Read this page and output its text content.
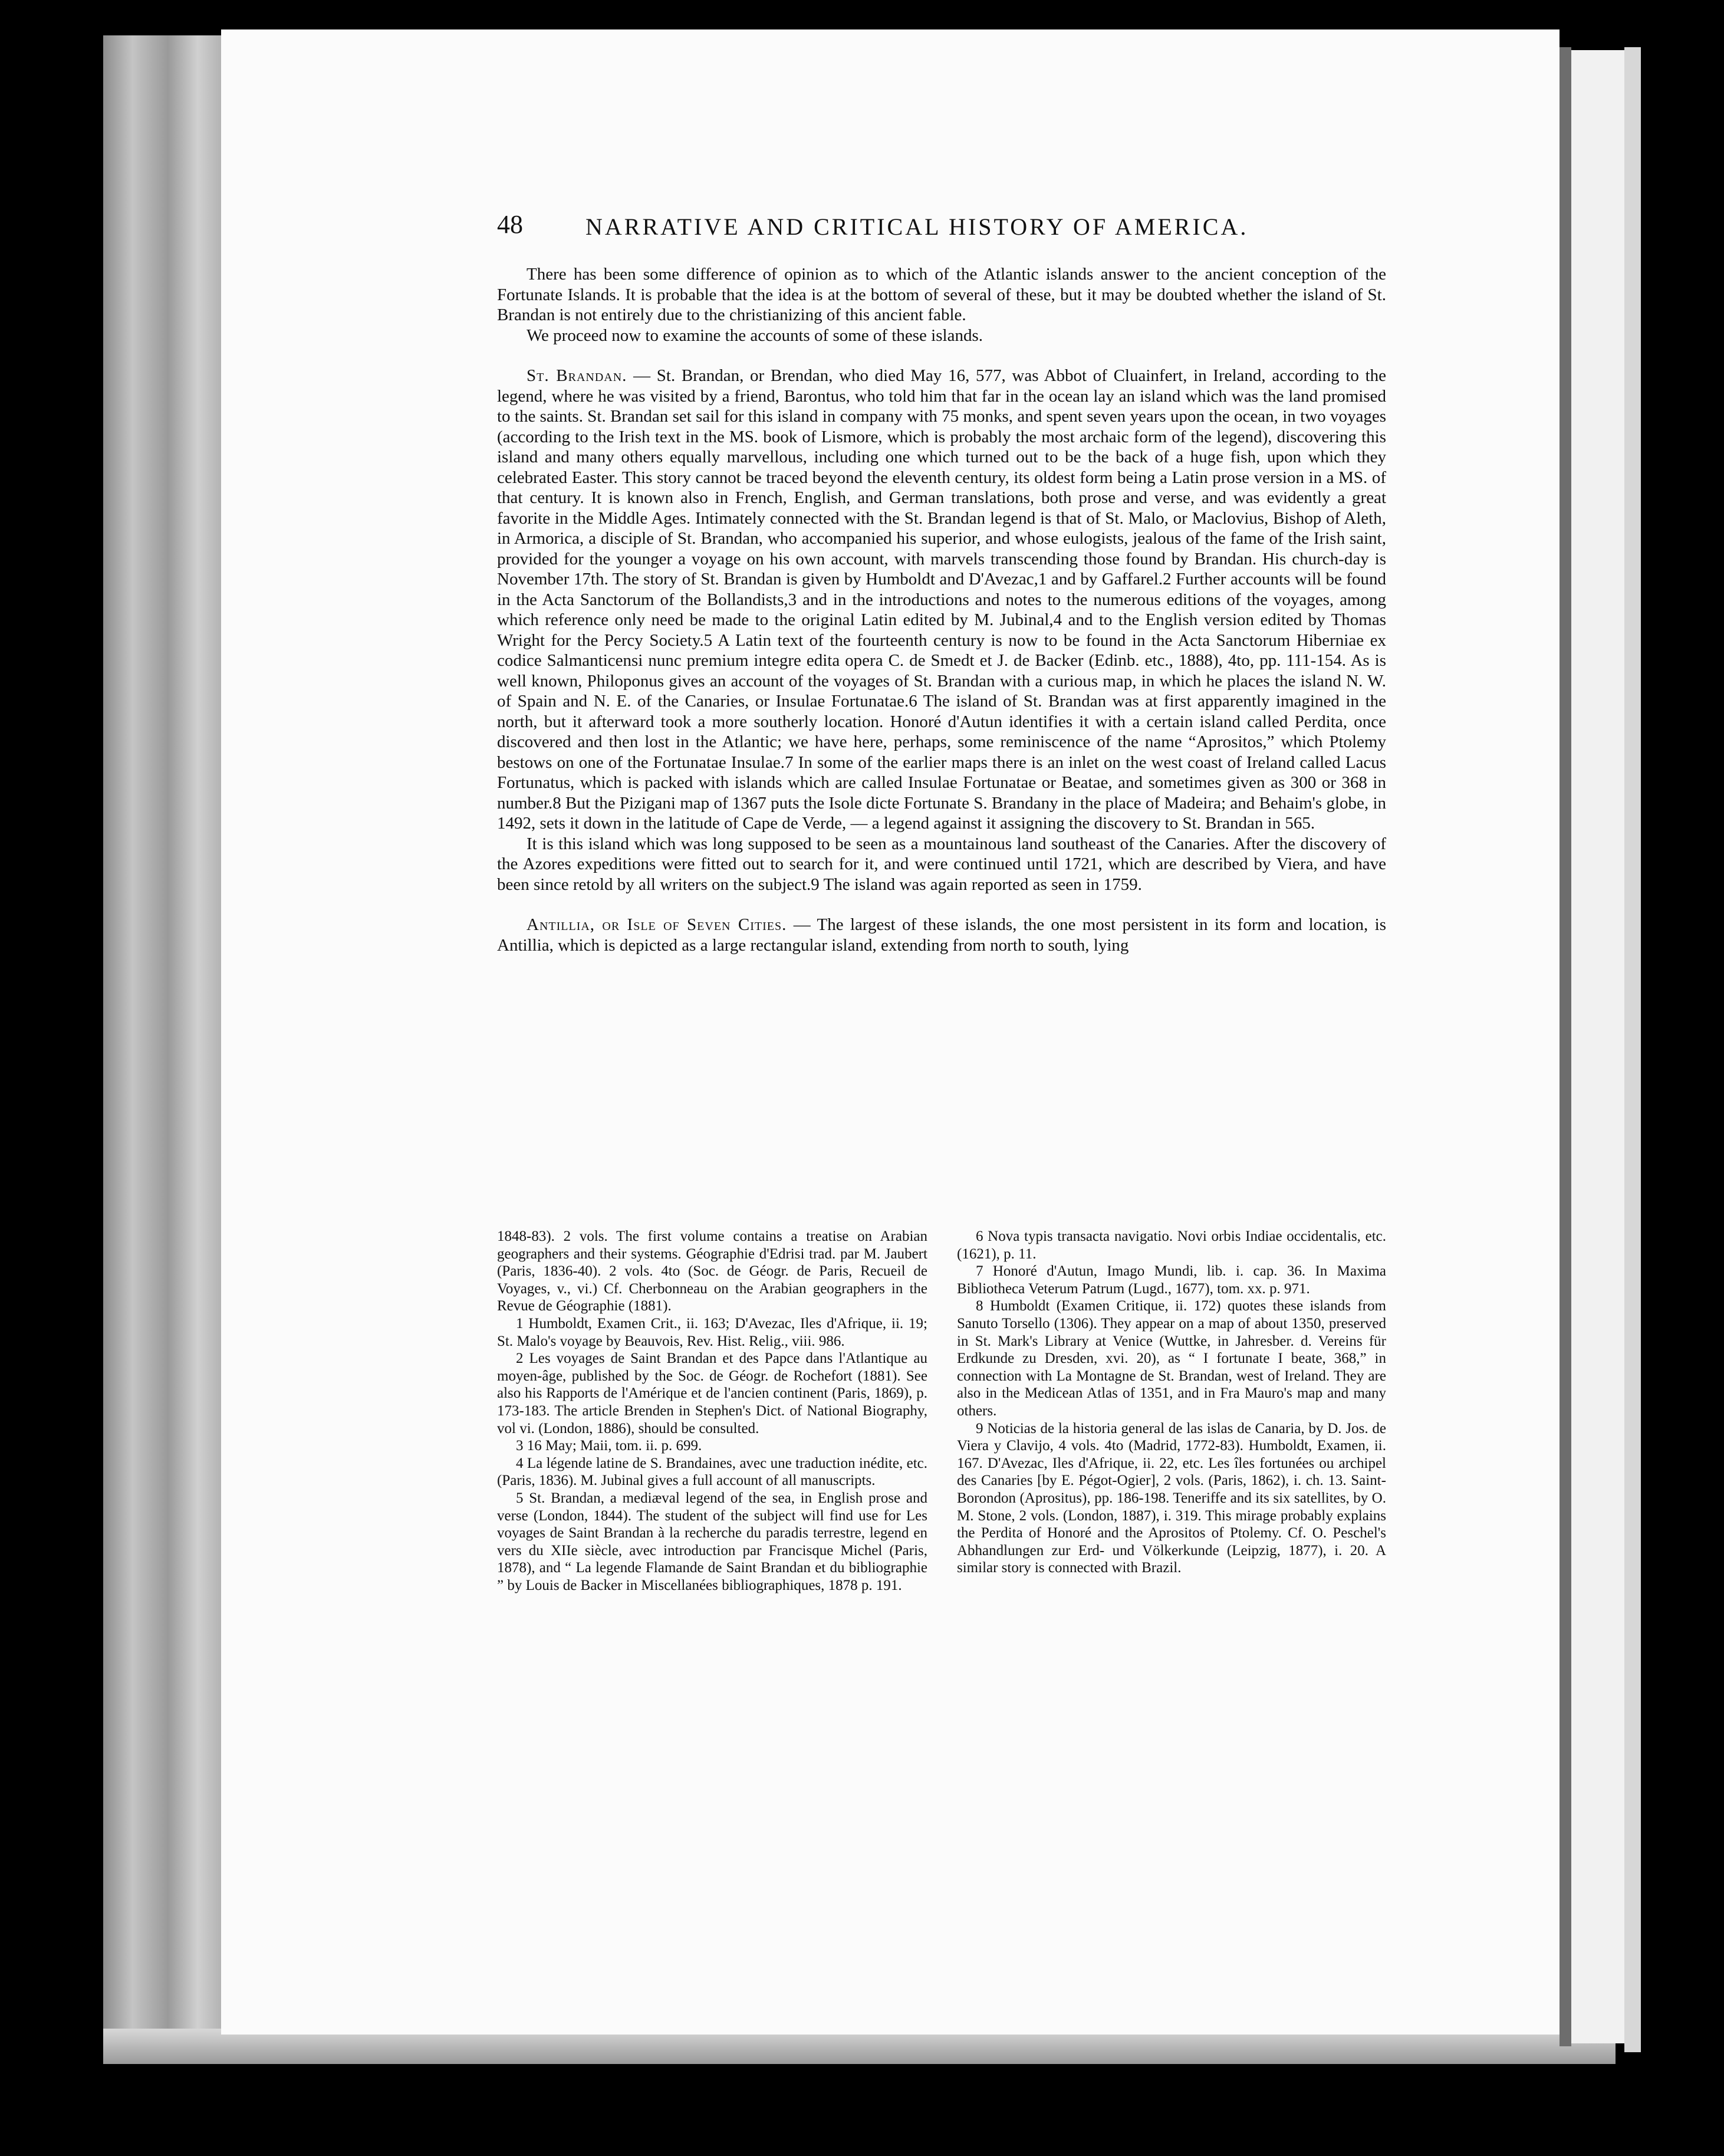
48	NARRATIVE AND CRITICAL HISTORY OF AMERICA.

There has been some difference of opinion as to which of the Atlantic islands answer to the ancient conception of the Fortunate Islands. It is probable that the idea is at the bottom of several of these, but it may be doubted whether the island of St. Brandan is not entirely due to the christianizing of this ancient fable.

We proceed now to examine the accounts of some of these islands.

St. Brandan. — St. Brandan, or Brendan, who died May 16, 577, was Abbot of Cluainfert, in Ireland, according to the legend, where he was visited by a friend, Barontus, who told him that far in the ocean lay an island which was the land promised to the saints. St. Brandan set sail for this island in company with 75 monks, and spent seven years upon the ocean, in two voyages (according to the Irish text in the MS. book of Lismore, which is probably the most archaic form of the legend), discovering this island and many others equally marvellous, including one which turned out to be the back of a huge fish, upon which they celebrated Easter. This story cannot be traced beyond the eleventh century, its oldest form being a Latin prose version in a MS. of that century. It is known also in French, English, and German translations, both prose and verse, and was evidently a great favorite in the Middle Ages. Intimately connected with the St. Brandan legend is that of St. Malo, or Maclovius, Bishop of Aleth, in Armorica, a disciple of St. Brandan, who accompanied his superior, and whose eulogists, jealous of the fame of the Irish saint, provided for the younger a voyage on his own account, with marvels transcending those found by Brandan. His church-day is November 17th. The story of St. Brandan is given by Humboldt and D'Avezac,1 and by Gaffarel.2 Further accounts will be found in the Acta Sanctorum of the Bollandists,3 and in the introductions and notes to the numerous editions of the voyages, among which reference only need be made to the original Latin edited by M. Jubinal,4 and to the English version edited by Thomas Wright for the Percy Society.5 A Latin text of the fourteenth century is now to be found in the Acta Sanctorum Hiberniae ex codice Salmanticensi nunc premium integre edita opera C. de Smedt et J. de Backer (Edinb. etc., 1888), 4to, pp. 111-154. As is well known, Philoponus gives an account of the voyages of St. Brandan with a curious map, in which he places the island N. W. of Spain and N. E. of the Canaries, or Insulae Fortunatae.6 The island of St. Brandan was at first apparently imagined in the north, but it afterward took a more southerly location. Honoré d'Autun identifies it with a certain island called Perdita, once discovered and then lost in the Atlantic; we have here, perhaps, some reminiscence of the name “Aprositos,” which Ptolemy bestows on one of the Fortunatae Insulae.7 In some of the earlier maps there is an inlet on the west coast of Ireland called Lacus Fortunatus, which is packed with islands which are called Insulae Fortunatae or Beatae, and sometimes given as 300 or 368 in number.8 But the Pizigani map of 1367 puts the Isole dicte Fortunate S. Brandany in the place of Madeira; and Behaim's globe, in 1492, sets it down in the latitude of Cape de Verde, — a legend against it assigning the discovery to St. Brandan in 565.

It is this island which was long supposed to be seen as a mountainous land southeast of the Canaries. After the discovery of the Azores expeditions were fitted out to search for it, and were continued until 1721, which are described by Viera, and have been since retold by all writers on the subject.9 The island was again reported as seen in 1759.

Antillia, or Isle of Seven Cities. — The largest of these islands, the one most persistent in its form and location, is Antillia, which is depicted as a large rectangular island, extending from north to south, lying

1848-83). 2 vols. The first volume contains a treatise on Arabian geographers and their systems. Géographie d'Edrisi trad. par M. Jaubert (Paris, 1836-40). 2 vols. 4to (Soc. de Géogr. de Paris, Recueil de Voyages, v., vi.) Cf. Cherbonneau on the Arabian geographers in the Revue de Géographie (1881).

1 Humboldt, Examen Crit., ii. 163; D'Avezac, Iles d'Afrique, ii. 19; St. Malo's voyage by Beauvois, Rev. Hist. Relig., viii. 986.

2 Les voyages de Saint Brandan et des Papce dans l'Atlantique au moyen-âge, published by the Soc. de Géogr. de Rochefort (1881). See also his Rapports de l'Amérique et de l'ancien continent (Paris, 1869), p. 173-183. The article Brenden in Stephen's Dict. of National Biography, vol vi. (London, 1886), should be consulted.

3 16 May; Maii, tom. ii. p. 699.

4 La légende latine de S. Brandaines, avec une traduction inédite, etc. (Paris, 1836). M. Jubinal gives a full account of all manuscripts.

5 St. Brandan, a mediæval legend of the sea, in English prose and verse (London, 1844). The student of the subject will find use for Les voyages de Saint Brandan à la recherche du paradis terrestre, legend en vers du XIIe siècle, avec introduction par Francisque Michel (Paris, 1878), and “ La legende Flamande de Saint Brandan et du bibliographie ” by Louis de Backer in Miscellanées bibliographiques, 1878 p. 191.

6 Nova typis transacta navigatio. Novi orbis Indiae occidentalis, etc. (1621), p. 11.

7 Honoré d'Autun, Imago Mundi, lib. i. cap. 36. In Maxima Bibliotheca Veterum Patrum (Lugd., 1677), tom. xx. p. 971.

8 Humboldt (Examen Critique, ii. 172) quotes these islands from Sanuto Torsello (1306). They appear on a map of about 1350, preserved in St. Mark's Library at Venice (Wuttke, in Jahresber. d. Vereins für Erdkunde zu Dresden, xvi. 20), as “ I fortunate I beate, 368,” in connection with La Montagne de St. Brandan, west of Ireland. They are also in the Medicean Atlas of 1351, and in Fra Mauro's map and many others.

9 Noticias de la historia general de las islas de Canaria, by D. Jos. de Viera y Clavijo, 4 vols. 4to (Madrid, 1772-83). Humboldt, Examen, ii. 167. D'Avezac, Iles d'Afrique, ii. 22, etc. Les îles fortunées ou archipel des Canaries [by E. Pégot-Ogier], 2 vols. (Paris, 1862), i. ch. 13. Saint-Borondon (Aprositus), pp. 186-198. Teneriffe and its six satellites, by O. M. Stone, 2 vols. (London, 1887), i. 319. This mirage probably explains the Perdita of Honoré and the Aprositos of Ptolemy. Cf. O. Peschel's Abhandlungen zur Erd- und Völkerkunde (Leipzig, 1877), i. 20. A similar story is connected with Brazil.
